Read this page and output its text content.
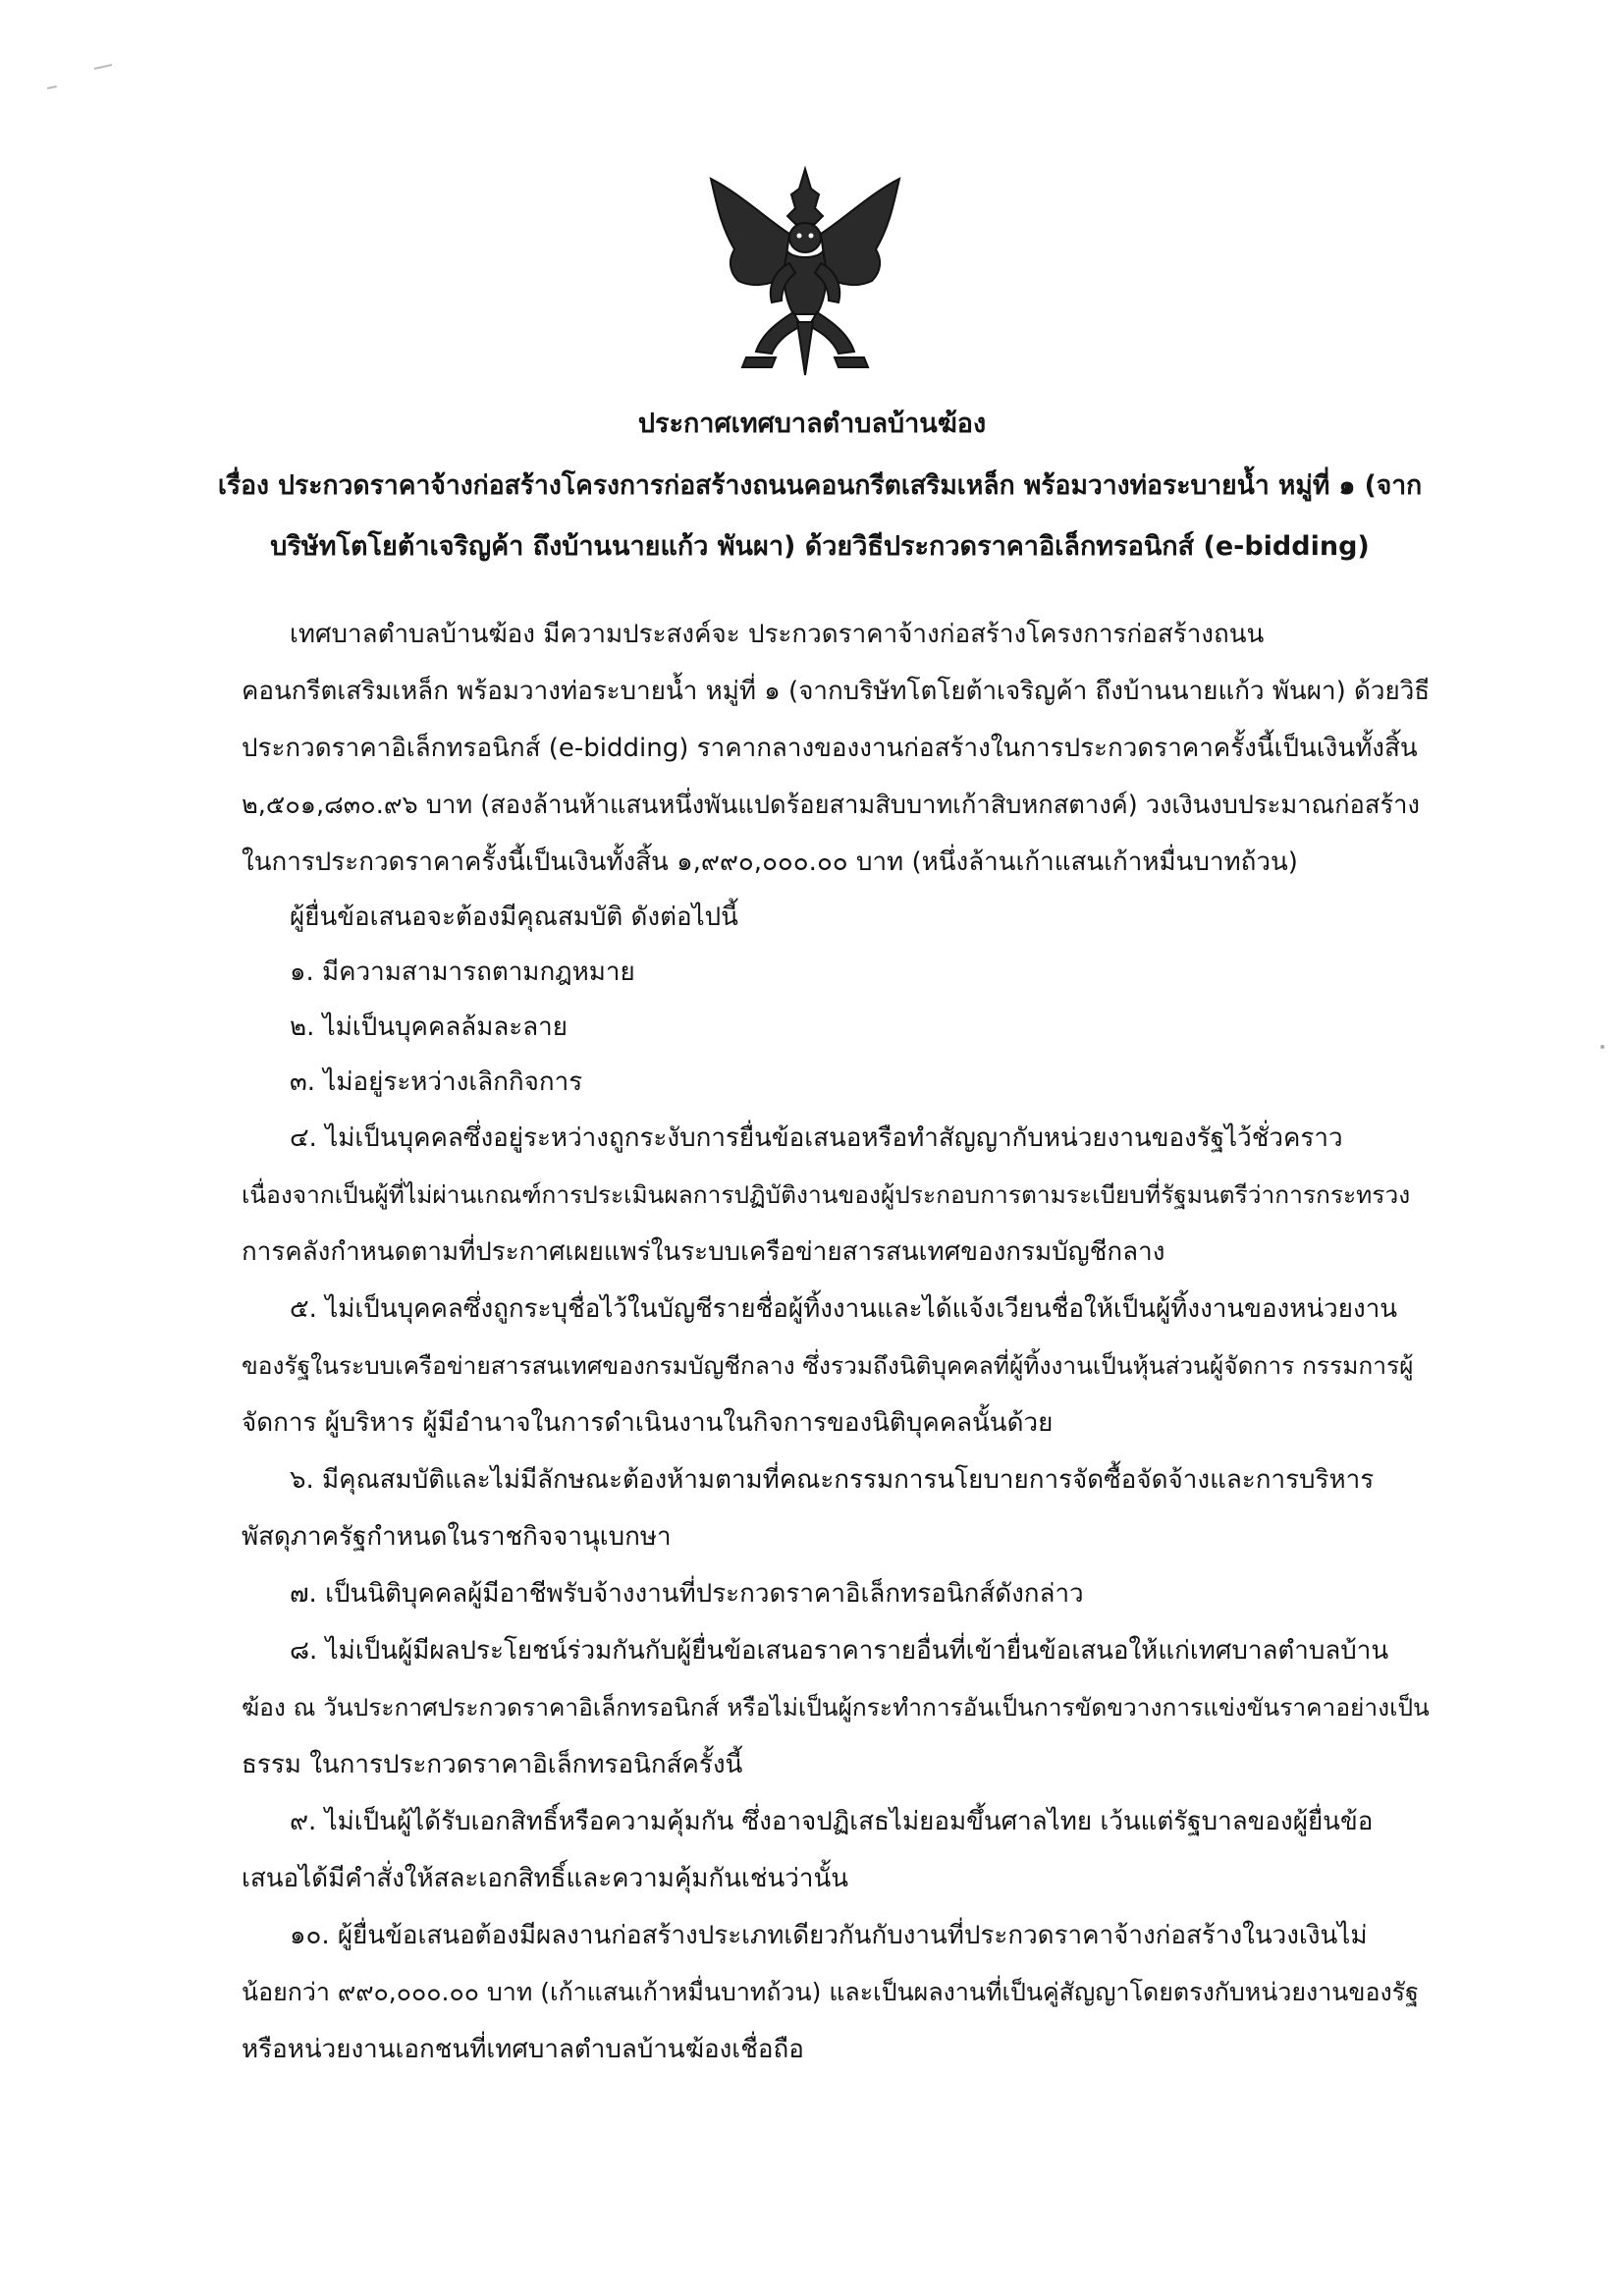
ประกาศเทศบาลตำบลบ้านฆ้อง
เรื่อง ประกวดราคาจ้างก่อสร้างโครงการก่อสร้างถนนคอนกรีตเสริมเหล็ก พร้อมวางท่อระบายน้ำ หมู่ที่ ๑ (จาก
บริษัทโตโยต้าเจริญค้า ถึงบ้านนายแก้ว พันผา) ด้วยวิธีประกวดราคาอิเล็กทรอนิกส์ (e-bidding)
เทศบาลตำบลบ้านฆ้อง มีความประสงค์จะ ประกวดราคาจ้างก่อสร้างโครงการก่อสร้างถนน
คอนกรีตเสริมเหล็ก พร้อมวางท่อระบายน้ำ หมู่ที่ ๑ (จากบริษัทโตโยต้าเจริญค้า ถึงบ้านนายแก้ว พันผา) ด้วยวิธี
ประกวดราคาอิเล็กทรอนิกส์ (e-bidding) ราคากลางของงานก่อสร้างในการประกวดราคาครั้งนี้เป็นเงินทั้งสิ้น
๒,๕๐๑,๘๓๐.๙๖ บาท (สองล้านห้าแสนหนึ่งพันแปดร้อยสามสิบบาทเก้าสิบหกสตางค์) วงเงินงบประมาณก่อสร้าง
ในการประกวดราคาครั้งนี้เป็นเงินทั้งสิ้น ๑,๙๙๐,๐๐๐.๐๐ บาท (หนึ่งล้านเก้าแสนเก้าหมื่นบาทถ้วน)
ผู้ยื่นข้อเสนอจะต้องมีคุณสมบัติ ดังต่อไปนี้
๑. มีความสามารถตามกฎหมาย
๒. ไม่เป็นบุคคลล้มละลาย
๓. ไม่อยู่ระหว่างเลิกกิจการ
๔. ไม่เป็นบุคคลซึ่งอยู่ระหว่างถูกระงับการยื่นข้อเสนอหรือทำสัญญากับหน่วยงานของรัฐไว้ชั่วคราว
เนื่องจากเป็นผู้ที่ไม่ผ่านเกณฑ์การประเมินผลการปฏิบัติงานของผู้ประกอบการตามระเบียบที่รัฐมนตรีว่าการกระทรวง
การคลังกำหนดตามที่ประกาศเผยแพร่ในระบบเครือข่ายสารสนเทศของกรมบัญชีกลาง
๕. ไม่เป็นบุคคลซึ่งถูกระบุชื่อไว้ในบัญชีรายชื่อผู้ทิ้งงานและได้แจ้งเวียนชื่อให้เป็นผู้ทิ้งงานของหน่วยงาน
ของรัฐในระบบเครือข่ายสารสนเทศของกรมบัญชีกลาง ซึ่งรวมถึงนิติบุคคลที่ผู้ทิ้งงานเป็นหุ้นส่วนผู้จัดการ กรรมการผู้
จัดการ ผู้บริหาร ผู้มีอำนาจในการดำเนินงานในกิจการของนิติบุคคลนั้นด้วย
๖. มีคุณสมบัติและไม่มีลักษณะต้องห้ามตามที่คณะกรรมการนโยบายการจัดซื้อจัดจ้างและการบริหาร
พัสดุภาครัฐกำหนดในราชกิจจานุเบกษา
๗. เป็นนิติบุคคลผู้มีอาชีพรับจ้างงานที่ประกวดราคาอิเล็กทรอนิกส์ดังกล่าว
๘. ไม่เป็นผู้มีผลประโยชน์ร่วมกันกับผู้ยื่นข้อเสนอราคารายอื่นที่เข้ายื่นข้อเสนอให้แก่เทศบาลตำบลบ้าน
ฆ้อง ณ วันประกาศประกวดราคาอิเล็กทรอนิกส์ หรือไม่เป็นผู้กระทำการอันเป็นการขัดขวางการแข่งขันราคาอย่างเป็น
ธรรม ในการประกวดราคาอิเล็กทรอนิกส์ครั้งนี้
๙. ไม่เป็นผู้ได้รับเอกสิทธิ์หรือความคุ้มกัน ซึ่งอาจปฏิเสธไม่ยอมขึ้นศาลไทย เว้นแต่รัฐบาลของผู้ยื่นข้อ
เสนอได้มีคำสั่งให้สละเอกสิทธิ์และความคุ้มกันเช่นว่านั้น
๑๐. ผู้ยื่นข้อเสนอต้องมีผลงานก่อสร้างประเภทเดียวกันกับงานที่ประกวดราคาจ้างก่อสร้างในวงเงินไม่
น้อยกว่า ๙๙๐,๐๐๐.๐๐ บาท (เก้าแสนเก้าหมื่นบาทถ้วน) และเป็นผลงานที่เป็นคู่สัญญาโดยตรงกับหน่วยงานของรัฐ
หรือหน่วยงานเอกชนที่เทศบาลตำบลบ้านฆ้องเชื่อถือ
